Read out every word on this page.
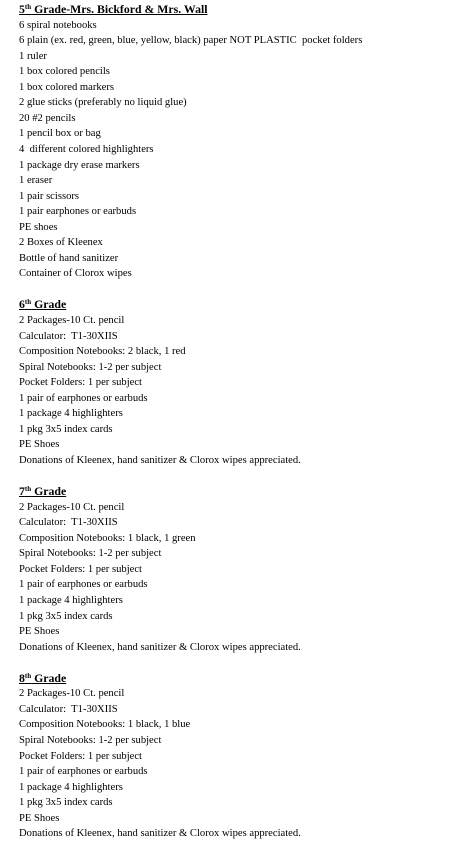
5th Grade-Mrs. Bickford & Mrs. Wall
6 spiral notebooks
6 plain (ex. red, green, blue, yellow, black) paper NOT PLASTIC  pocket folders
1 ruler
1 box colored pencils
1 box colored markers
2 glue sticks (preferably no liquid glue)
20 #2 pencils
1 pencil box or bag
4  different colored highlighters
1 package dry erase markers
1 eraser
1 pair scissors
1 pair earphones or earbuds
PE shoes
2 Boxes of Kleenex
Bottle of hand sanitizer
Container of Clorox wipes
6th Grade
2 Packages-10 Ct. pencil
Calculator:  T1-30XIIS
Composition Notebooks: 2 black, 1 red
Spiral Notebooks: 1-2 per subject
Pocket Folders: 1 per subject
1 pair of earphones or earbuds
1 package 4 highlighters
1 pkg 3x5 index cards
PE Shoes
Donations of Kleenex, hand sanitizer & Clorox wipes appreciated.
7th Grade
2 Packages-10 Ct. pencil
Calculator:  T1-30XIIS
Composition Notebooks: 1 black, 1 green
Spiral Notebooks: 1-2 per subject
Pocket Folders: 1 per subject
1 pair of earphones or earbuds
1 package 4 highlighters
1 pkg 3x5 index cards
PE Shoes
Donations of Kleenex, hand sanitizer & Clorox wipes appreciated.
8th Grade
2 Packages-10 Ct. pencil
Calculator:  T1-30XIIS
Composition Notebooks: 1 black, 1 blue
Spiral Notebooks: 1-2 per subject
Pocket Folders: 1 per subject
1 pair of earphones or earbuds
1 package 4 highlighters
1 pkg 3x5 index cards
PE Shoes
Donations of Kleenex, hand sanitizer & Clorox wipes appreciated.
